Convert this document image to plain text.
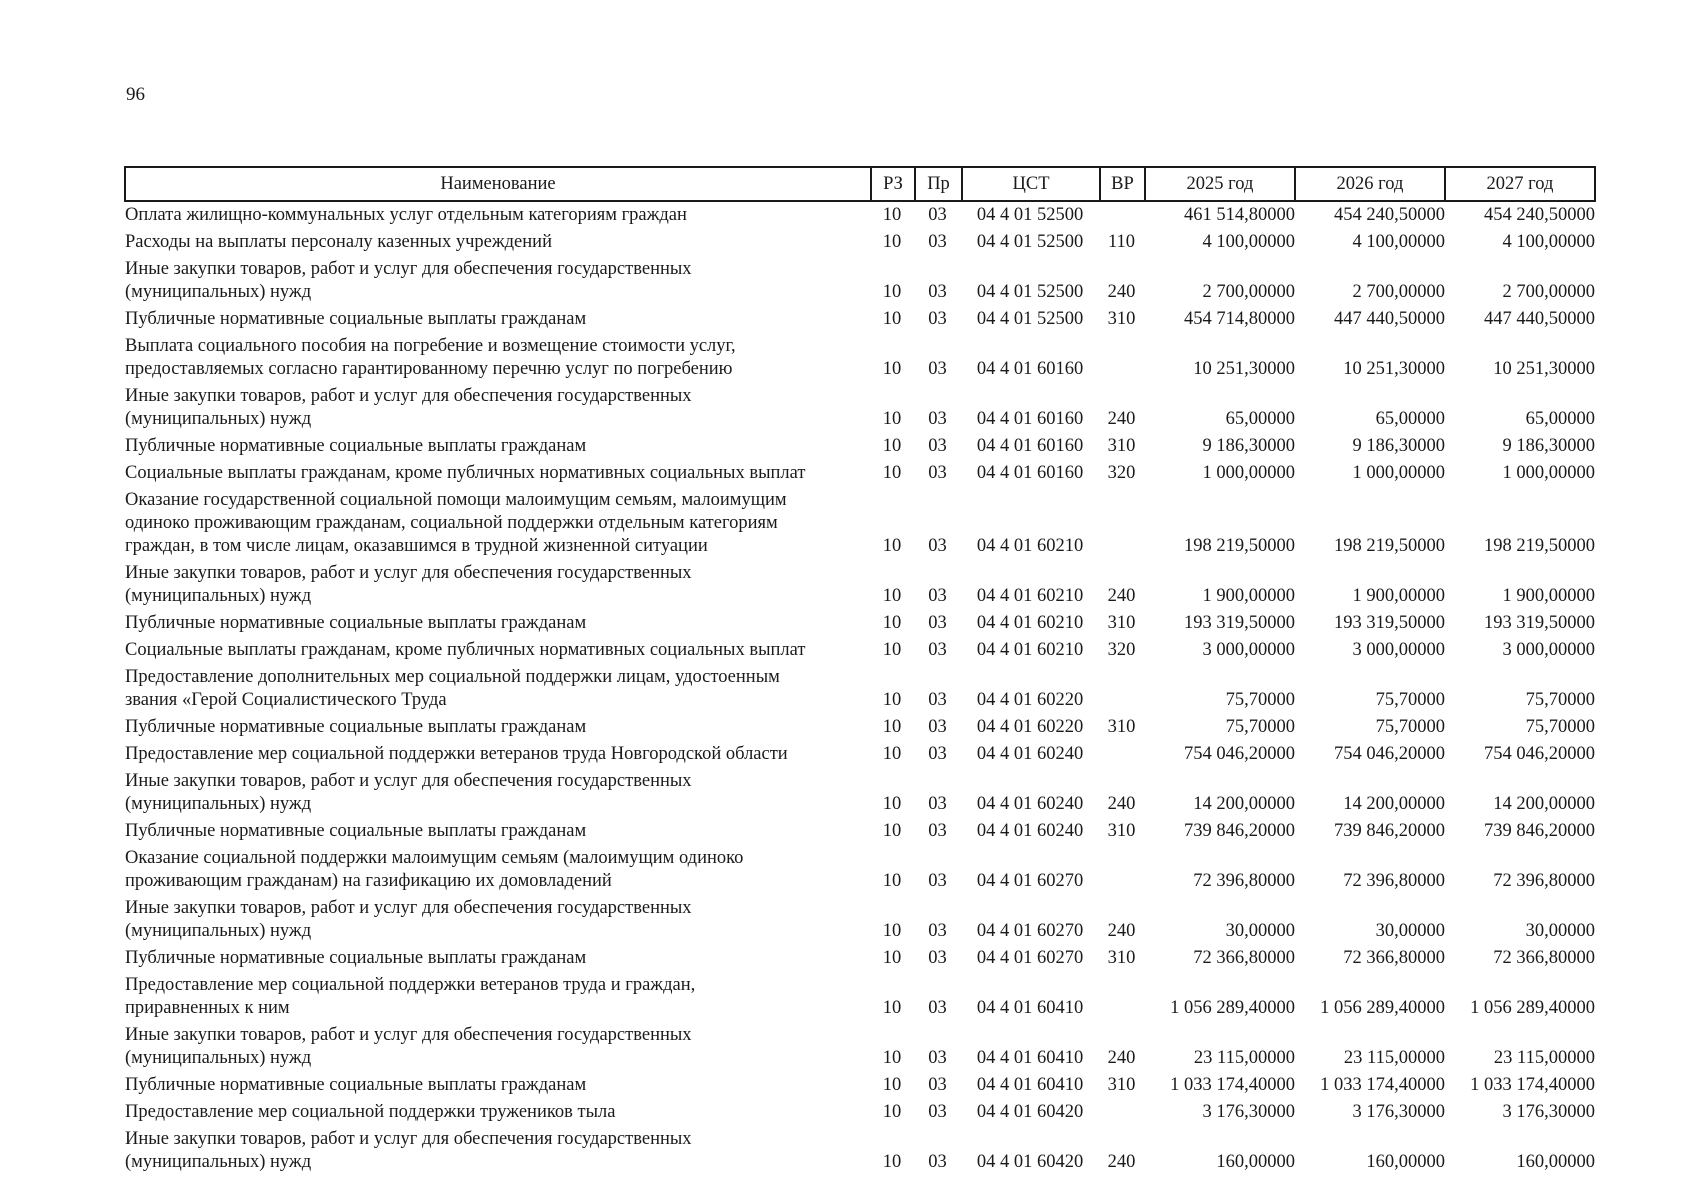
96
Наименование	РЗ	Пр	ЦСТ	ВР	2025 год	2026 год	2027 год
Оплата жилищно-коммунальных услуг отдельным категориям граждан	10	03	04 4 01 52500		461 514,80000	454 240,50000	454 240,50000
Расходы на выплаты персоналу казенных учреждений	10	03	04 4 01 52500	110	4 100,00000	4 100,00000	4 100,00000
Иные закупки товаров, работ и услуг для обеспечения государственных
(муниципальных) нужд	10	03	04 4 01 52500	240	2 700,00000	2 700,00000	2 700,00000
Публичные нормативные социальные выплаты гражданам	10	03	04 4 01 52500	310	454 714,80000	447 440,50000	447 440,50000
Выплата социального пособия на погребение и возмещение стоимости услуг,
предоставляемых согласно гарантированному перечню услуг по погребению	10	03	04 4 01 60160		10 251,30000	10 251,30000	10 251,30000
Иные закупки товаров, работ и услуг для обеспечения государственных
(муниципальных) нужд	10	03	04 4 01 60160	240	65,00000	65,00000	65,00000
Публичные нормативные социальные выплаты гражданам	10	03	04 4 01 60160	310	9 186,30000	9 186,30000	9 186,30000
Социальные выплаты гражданам, кроме публичных нормативных социальных выплат	10	03	04 4 01 60160	320	1 000,00000	1 000,00000	1 000,00000
Оказание государственной социальной помощи малоимущим семьям, малоимущим
одиноко проживающим гражданам, социальной поддержки отдельным категориям
граждан, в том числе лицам, оказавшимся в трудной жизненной ситуации	10	03	04 4 01 60210		198 219,50000	198 219,50000	198 219,50000
Иные закупки товаров, работ и услуг для обеспечения государственных
(муниципальных) нужд	10	03	04 4 01 60210	240	1 900,00000	1 900,00000	1 900,00000
Публичные нормативные социальные выплаты гражданам	10	03	04 4 01 60210	310	193 319,50000	193 319,50000	193 319,50000
Социальные выплаты гражданам, кроме публичных нормативных социальных выплат	10	03	04 4 01 60210	320	3 000,00000	3 000,00000	3 000,00000
Предоставление дополнительных мер социальной поддержки лицам, удостоенным
звания «Герой Социалистического Труда	10	03	04 4 01 60220		75,70000	75,70000	75,70000
Публичные нормативные социальные выплаты гражданам	10	03	04 4 01 60220	310	75,70000	75,70000	75,70000
Предоставление мер социальной поддержки ветеранов труда Новгородской области	10	03	04 4 01 60240		754 046,20000	754 046,20000	754 046,20000
Иные закупки товаров, работ и услуг для обеспечения государственных
(муниципальных) нужд	10	03	04 4 01 60240	240	14 200,00000	14 200,00000	14 200,00000
Публичные нормативные социальные выплаты гражданам	10	03	04 4 01 60240	310	739 846,20000	739 846,20000	739 846,20000
Оказание социальной поддержки малоимущим семьям (малоимущим одиноко
проживающим гражданам) на газификацию их домовладений	10	03	04 4 01 60270		72 396,80000	72 396,80000	72 396,80000
Иные закупки товаров, работ и услуг для обеспечения государственных
(муниципальных) нужд	10	03	04 4 01 60270	240	30,00000	30,00000	30,00000
Публичные нормативные социальные выплаты гражданам	10	03	04 4 01 60270	310	72 366,80000	72 366,80000	72 366,80000
Предоставление мер социальной поддержки ветеранов труда и граждан,
приравненных к ним	10	03	04 4 01 60410		1 056 289,40000	1 056 289,40000	1 056 289,40000
Иные закупки товаров, работ и услуг для обеспечения государственных
(муниципальных) нужд	10	03	04 4 01 60410	240	23 115,00000	23 115,00000	23 115,00000
Публичные нормативные социальные выплаты гражданам	10	03	04 4 01 60410	310	1 033 174,40000	1 033 174,40000	1 033 174,40000
Предоставление мер социальной поддержки тружеников тыла	10	03	04 4 01 60420		3 176,30000	3 176,30000	3 176,30000
Иные закупки товаров, работ и услуг для обеспечения государственных
(муниципальных) нужд	10	03	04 4 01 60420	240	160,00000	160,00000	160,00000
